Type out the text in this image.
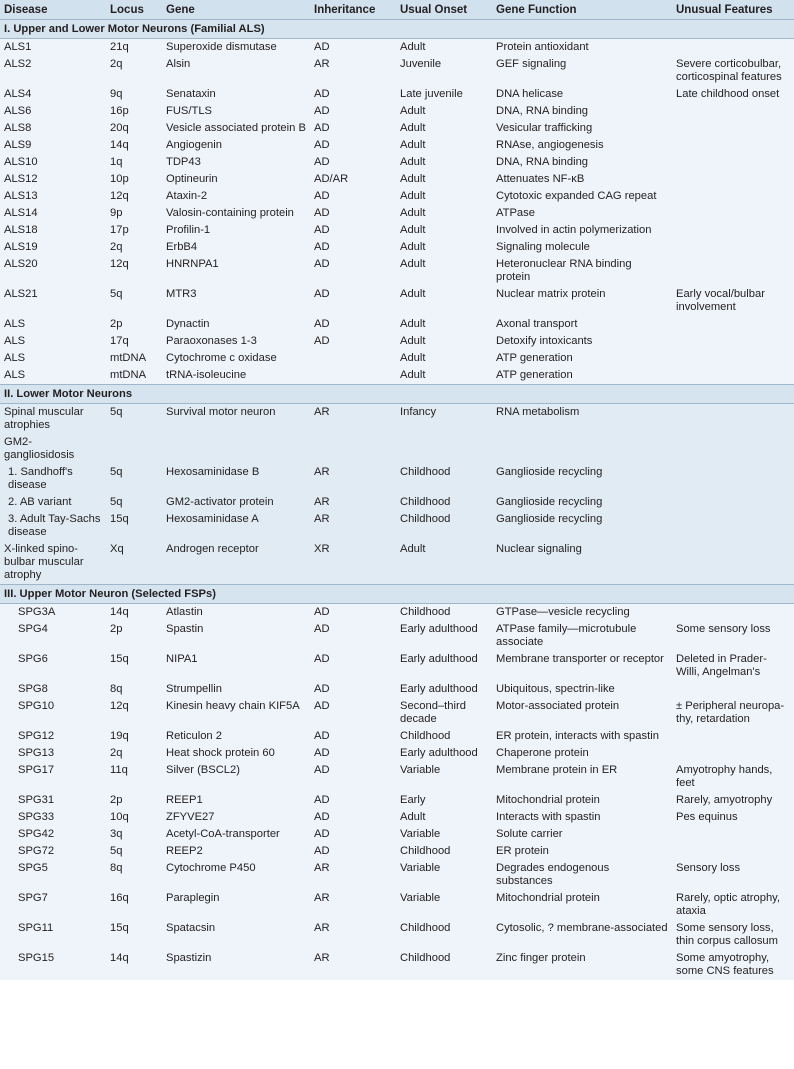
Disease	Locus	Gene	Inheritance	Usual Onset	Gene Function	Unusual Features
I. Upper and Lower Motor Neurons (Familial ALS)						
ALS1	21q	Superoxide dismutase	AD	Adult	Protein antioxidant	
ALS2	2q	Alsin	AR	Juvenile	GEF signaling	Severe corticobulbar, corticospinal features
ALS4	9q	Senataxin	AD	Late juvenile	DNA helicase	Late childhood onset
ALS6	16p	FUS/TLS	AD	Adult	DNA, RNA binding	
ALS8	20q	Vesicle associated protein B	AD	Adult	Vesicular trafficking	
ALS9	14q	Angiogenin	AD	Adult	RNAse, angiogenesis	
ALS10	1q	TDP43	AD	Adult	DNA, RNA binding	
ALS12	10p	Optineurin	AD/AR	Adult	Attenuates NF-κB	
ALS13	12q	Ataxin-2	AD	Adult	Cytotoxic expanded CAG repeat	
ALS14	9p	Valosin-containing protein	AD	Adult	ATPase	
ALS18	17p	Profilin-1	AD	Adult	Involved in actin polymerization	
ALS19	2q	ErbB4	AD	Adult	Signaling molecule	
ALS20	12q	HNRNPA1	AD	Adult	Heteronuclear RNA binding protein	
ALS21	5q	MTR3	AD	Adult	Nuclear matrix protein	Early vocal/bulbar involvement
ALS	2p	Dynactin	AD	Adult	Axonal transport	
ALS	17q	Paraoxonases 1-3	AD	Adult	Detoxify intoxicants	
ALS	mtDNA	Cytochrome c oxidase		Adult	ATP generation	
ALS	mtDNA	tRNA-isoleucine		Adult	ATP generation	
II. Lower Motor Neurons						
Spinal muscular atrophies	5q	Survival motor neuron	AR	Infancy	RNA metabolism	
GM2-gangliosidosis						
1. Sandhoff's disease	5q	Hexosaminidase B	AR	Childhood	Ganglioside recycling	
2. AB variant	5q	GM2-activator protein	AR	Childhood	Ganglioside recycling	
3. Adult Tay-Sachs disease	15q	Hexosaminidase A	AR	Childhood	Ganglioside recycling	
X-linked spino-bulbar muscular atrophy	Xq	Androgen receptor	XR	Adult	Nuclear signaling	
III. Upper Motor Neuron (Selected FSPs)						
SPG3A	14q	Atlastin	AD	Childhood	GTPase—vesicle recycling	
SPG4	2p	Spastin	AD	Early adulthood	ATPase family—microtubule associate	Some sensory loss
SPG6	15q	NIPA1	AD	Early adulthood	Membrane transporter or receptor	Deleted in Prader-Willi, Angelman's
SPG8	8q	Strumpellin	AD	Early adulthood	Ubiquitous, spectrin-like	
SPG10	12q	Kinesin heavy chain KIF5A	AD	Second–third decade	Motor-associated protein	± Peripheral neuropa-thy, retardation
SPG12	19q	Reticulon 2	AD	Childhood	ER protein, interacts with spastin	
SPG13	2q	Heat shock protein 60	AD	Early adulthood	Chaperone protein	
SPG17	11q	Silver (BSCL2)	AD	Variable	Membrane protein in ER	Amyotrophy hands, feet
SPG31	2p	REEP1	AD	Early	Mitochondrial protein	Rarely, amyotrophy
SPG33	10q	ZFYVE27	AD	Adult	Interacts with spastin	Pes equinus
SPG42	3q	Acetyl-CoA-transporter	AD	Variable	Solute carrier	
SPG72	5q	REEP2	AD	Childhood	ER protein	
SPG5	8q	Cytochrome P450	AR	Variable	Degrades endogenous substances	Sensory loss
SPG7	16q	Paraplegin	AR	Variable	Mitochondrial protein	Rarely, optic atrophy, ataxia
SPG11	15q	Spatacsin	AR	Childhood	Cytosolic, ? membrane-associated	Some sensory loss, thin corpus callosum
SPG15	14q	Spastizin	AR	Childhood	Zinc finger protein	Some amyotrophy, some CNS features
